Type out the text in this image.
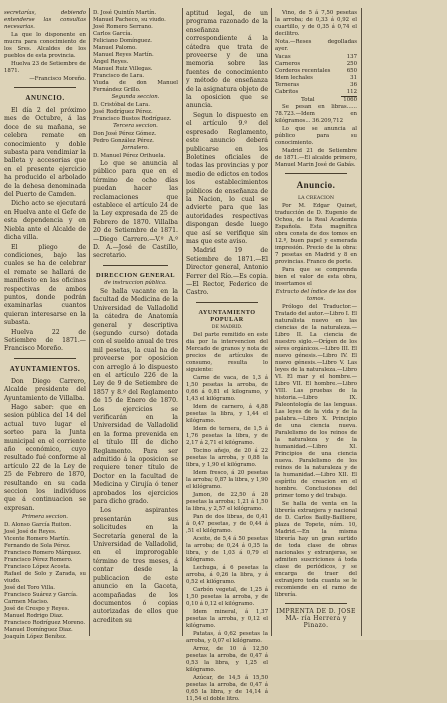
secretarías, debiendo entenderse las consultas necesarias.

La que lo disponente en mucra para conocimiento de los Sres. Alcaldes de los pueblos de esta provincia.

Huelva 23 de Setiembre de 1871.

—Francisco Moreño.

ANUNCIO.

El día 2 del próximo mes de Octubre, á las doce de su mañana, se celebra remate en conocimiento y doble subasta para vendimiar la balleta y accesorias que en el presente ejercicio ha producido el arbolado de la dehesa denominada del Puerto de Camden.

Dicho acto se ejecutará en Huelva ante el Gefe de esta dependencia y en Niebla ante el Alcalde de dicha villa.

El pliego de condiciones, bajo las cuales se ha de celebrar el remate se hallará de manifiesto en las oficinas respectivas de ambos puntos, donde podrán examinarlas cuantos quieran interesarse en la subasta.

Huelva 22 de Setiembre de 1871.—Francisco Moreño.

AYUNTAMIENTOS.

Don Diego Carrero, Alcalde presidente del Ayuntamiento de Villalba.

Hago saber: que en sesion pública del 14 del actual tuvo lugar el sorteo para la Junta municipal en el corriente año económico, cuyo resultado fué conforme al artículo 22 de la Ley de 25 de Febrero de 1870, resultando en su cada seccion los individuos que á continuacion se expresan.

Primera seccion.

D. Alonso García Ruiton.
José José de Reyes.
Vicente Romero Martín.
Fernando de Sola Pérez.
Francisco Romero Márquez.
Francisco Pérez Romero.
Francisco López Acosta.
Rafael de Solo y Zarada, su viudo.
José del Toro Villa.
Francisco Suárez y García.
Carmen Maciso.
José de Crespo y Reyes.
Manuel Rodrigo Diaz.
Francisco Rodríguez Moreno.
Manuel Domínguez Diaz.
Joaquín López Benítez.
D. José Quintín Martín.
Manuel Pacheco, su viudo.
José Romero Serrano.
Carlos García.
Feliciano Domínguez.
Manuel Palomo.
Manuel Reyes Martín.
Ángel Reyes.
Manuel Ruiz Villegas.
Francisco de Lara.
Viuda de don Manuel Fernández Grillo.

Segunda seccion.

D. Cristóbal de Lara.
José Rodríguez Pérez.
Francisco Bustos Rodríguez.

Tercera seccion.

Don José Pérez Gómez.
Pedro González Pérez.

Jornalero.

D. Manuel Pérez Orihuela.

Lo que se anuncia al público para que en el término de ocho días puedan hacer las reclamaciones que establece el artículo 24 de la Ley expresada de 25 de Febrero de 1870. Villalba 20 de Setiembre de 1871.—Diego Carrero.—V.º A.º D. A.—José de Castillo, secretario.

DIRECCION GENERAL

de instruccion pública.

Se halla vacante en la facultad de Medicina de la Universidad de Valladolid la cátedra de Anatomía general y descriptiva (segundo curso) dotada con el sueldo anual de tres mil pesetas, la cual ha de proveerse por oposicion con arreglo á lo dispuesto en el artículo 226 de la Ley de 9 de Setiembre de 1857 y 8.º del Reglamento de 15 de Enero de 1870. Los ejercicios se verificarán en la Universidad de Valladolid en la forma prevenida en el título III de dicho Reglamento. Para ser admitido á la oposicion se requiere tener título de Doctor en la facultad de Medicina y Cirujía ó tener aprobados los ejercicios para dicho grado.

Los aspirantes presentarán sus solicitudes en la Secretaría general de la Universidad de Valladolid, en el improrogable término de tres meses, á contar desde la publicacion de este anuncio en la Gaceta, acompañadas de los documentos ó copias autorizadas de ellos que acrediten su

aptitud legal, de un programa razonado de la enseñanza correspondiente á la cátedra que trata de proveerse y de una memoria sobre las fuentes de conocimiento y método de enseñanza de la asignatura objeto de la oposicion que se anuncia.

Segun lo dispuesto en el artículo 9.º del espresado Reglamento, este anuncio deberá publicarse en los Boletines oficiales de todas las provincias y por medio de edictos en todos los establecimientos públicos de enseñanza de la Nacion, lo cual se advierte para que las autoridades respectivas dispongan desde luego que así se verifique sin mas que este aviso.

Madrid 19 de Setiembre de 1871.—El Director general, Antonio Ferrer del Río.—Es copia.—El Rector, Federico de Castro.

AYUNTAMIENTO POPULAR

DE MADRID.

Del parte remitido en este dia por la intervencion del Mercado de granos y nota de precios de artículos de consumo, resulta lo siguiente:

Carne de vaca, de 1,3 á 1,50 pesetas la arroba, de 0,66 á 0,81 el kilogramo, y 1,43 el kilógramo.

Idem de carnero, á 4,88 pesetas la libra, y 1,44 el kilógramo.

Idem de ternera, de 1,5 á 1,76 pesetas la libra, y de 2,17 á 2,71 el kilógramo.

Tocino añejo, de 20 á 22 pesetas la arroba, y 0,88 la libra, y 1,90 el kilógramo.

Idem fresco, á 20 pesetas la arroba; 0,87 la libra, y 1,90 el kilógramo.

Jamon, de 22,50 á 28 pesetas la arroba; 1,21 á 1,50 la libra, y 2,57 el kilógramo.

Pan de dos libras, de 0,41 á 0,47 pesetas, y de 0,44 á ,51 el kilógramo.

Aceite, de 5,4 á 50 pesetas la arroba; de 0,24 á 0,35 la libra, y de 1,03 á 0,79 el kilógramo.

Lechuga, á 6 pesetas la arroba, á 0,26 la libra, y á 0,52 el kilógramo.

Carbón vegetal, de 1,25 á 1,50 pesetas la arroba, y de 0,10 á 0,12 el kilógramo.

Idem mineral, á 1,37 pesetas la arroba, y 0,12 el kilógramo.

Patatas, á 0,62 pesetas la arroba, y 0,07 el kilógramo.

Arroz, de 10 á 12,50 pesetas la arroba, de 0,47 á 0,53 la libra, y 1,25 el kilógramo.

Azúcar, de 14,5 á 15,50 pesetas la arroba, de 0,47 á 0,65 la libra, y de 14,14 á 11,54 el doble litro.

Vino, de 5 á 7,50 pesetas la arroba; de 0,33 á 0,92 el cuartillo, y de 0,35 á 0,74 el decilitro.

Nota.—Reses degolladas ayer.

Vacas	137
Carneros	250
Corderos recentales	650
Idem lechales	31
Terneras	36
Cabritos	112
Total	1060

Se pesan en libras...... 78.723.—Idem en kilógramos... 36.209,712

Lo que se anuncia al público para su conocimiento.

Madrid 21 de Setiembre de 1871.—El alcalde primero, Manuel Marin José de Gabás.

Anuncio.

LA CREACION

Por M. Edgar Quinet, traducción de D. Eugenio de Ochoa, de la Real Academia Española. Esta magnífica obra consta de dos tomos en 12.º, buen papel y esmerada impresión. Precio de la obra: 7 pesetas en Madrid y 8 en provincias. Franco de porte.

Para que se comprenda bien el valor de esta obra, insertamos el

Extracto del índice de los dos tomos.

Prólogo del Traductor.—Tratado del autor.—Libro I. El naturalista nuevo en las ciencias de la naturaleza.—Libro II. La ciencia de nuestro siglo.—Orígen de los séres orgánicos.—Libro III. El nuevo génesis.—Libro IV. El nuevo génesis.—Libro V. Las leyes de la naturaleza.—Libro VI. El mar y el hombre.—Libro VII. El hombre.—Libro VIII. Las pruebas de la historia.—Libro IX. Paleontología de las lenguas. Las leyes de la vida y de la palabra.—Libro X. Principio de una ciencia nueva. Paralelismo de los reinos de la naturaleza y de la humanidad.—Libro XI. Principios de una ciencia nueva. Paralelismo de los reinos de la naturaleza y de la humanidad.—Libro XII. El espíritu de creacion en el hombre. Conclusiones del primer tomo y del trabajo.

Se halla de venta en la librería extranjera y nacional de D. Carlos Bailly-Bailliere, plaza de Topete, núm. 10, Madrid.—En la misma librería hay un gran surtido de toda clase de obras nacionales y extranjeras, se admiten suscriciones á toda clase de periódicos, y se encarga de traer del extranjero toda cuanta se le recomiende en el ramo de librería.

IMPRENTA DE D. JOSE MA- ría Herrera y Pinazo.
